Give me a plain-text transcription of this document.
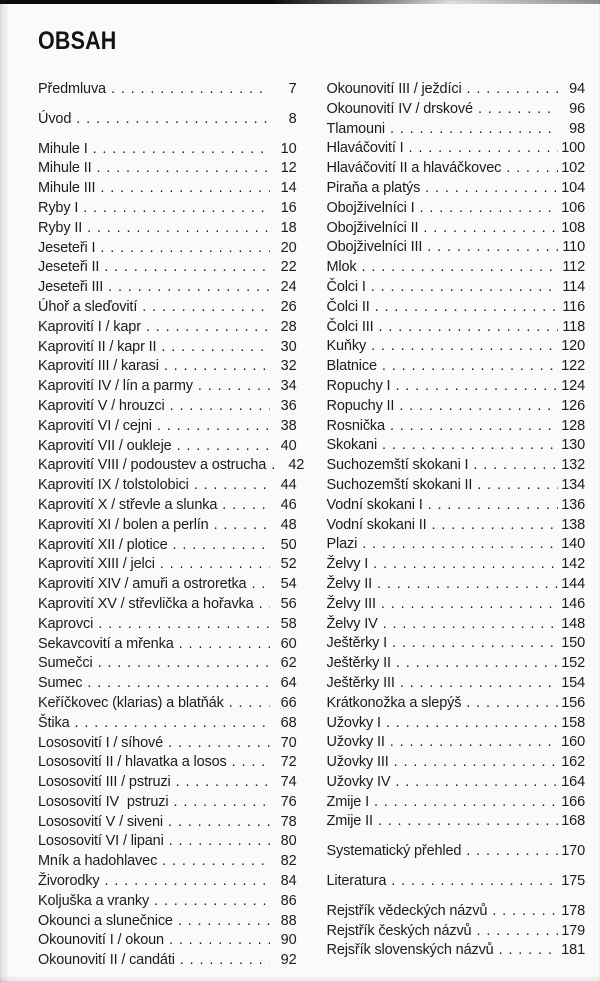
OBSAH
Předmluva . . .	7
Úvod . . .	8
Mihule I . . .	10
Mihule II . . .	12
Mihule III . . .	14
Ryby I . . .	16
Ryby II . . .	18
Jeseteři I . . .	20
Jeseteři II . . .	22
Jeseteři III . . .	24
Úhoř a sleďovití . . .	26
Kaprovití I / kapr . . .	28
Kaprovití II / kapr II . . .	30
Kaprovití III / karasi . . .	32
Kaprovití IV / lín a parmy . . .	34
Kaprovití V / hrouzci . . .	36
Kaprovití VI / cejni . . .	38
Kaprovití VII / oukleje . . .	40
Kaprovití VIII / podoustev a ostrucha . . .	42
Kaprovití IX / tolstolobici . . .	44
Kaprovití X / střevle a slunka . . .	46
Kaprovití XI / bolen a perlín . . .	48
Kaprovití XII / plotice . . .	50
Kaprovití XIII / jelci . . .	52
Kaprovití XIV / amuři a ostroretka . . .	54
Kaprovití XV / střevlička a hořavka . . .	56
Kaprovci . . .	58
Sekavcovití a mřenka . . .	60
Sumečci . . .	62
Sumec . . .	64
Keříčkovec (klarias) a blatňák . . .	66
Štika . . .	68
Lososovití I / síhové . . .	70
Lososovití II / hlavatka a losos . . .	72
Lososovití III / pstruzi . . .	74
Lososovití IV  pstruzi . . .	76
Lososovití V / siveni . . .	78
Lososovití VI / lipani . . .	80
Mník a hadohlavec . . .	82
Živorodky . . .	84
Koljuška a vranky . . .	86
Okounci a slunečnice . . .	88
Okounovití I / okoun . . .	90
Okounovití II / candáti . . .	92
Okounovití III / ježdíci . . .	94
Okounovití IV / drskové . . .	96
Tlamouni . . .	98
Hlaváčovití I . . .	100
Hlaváčovití II a hlaváčkovec . . .	102
Piraňa a platýs . . .	104
Obojživelníci I . . .	106
Obojživelníci II . . .	108
Obojživelníci III . . .	110
Mlok . . .	112
Čolci I . . .	114
Čolci II . . .	116
Čolci III . . .	118
Kuňky . . .	120
Blatnice . . .	122
Ropuchy I . . .	124
Ropuchy II . . .	126
Rosnička . . .	128
Skokani . . .	130
Suchozemští skokani I . . .	132
Suchozemští skokani II . . .	134
Vodní skokani I . . .	136
Vodní skokani II . . .	138
Plazi . . .	140
Želvy I . . .	142
Želvy II . . .	144
Želvy III . . .	146
Želvy IV . . .	148
Ještěrky I . . .	150
Ještěrky II . . .	152
Ještěrky III . . .	154
Krátkonožka a slepýš . . .	156
Užovky I . . .	158
Užovky II . . .	160
Užovky III . . .	162
Užovky IV . . .	164
Zmije I . . .	166
Zmije II . . .	168
Systematický přehled . . .	170
Literatura . . .	175
Rejstřík vědeckých názvů . . .	178
Rejstřík českých názvů . . .	179
Rejsřík slovenských názvů . . .	181
